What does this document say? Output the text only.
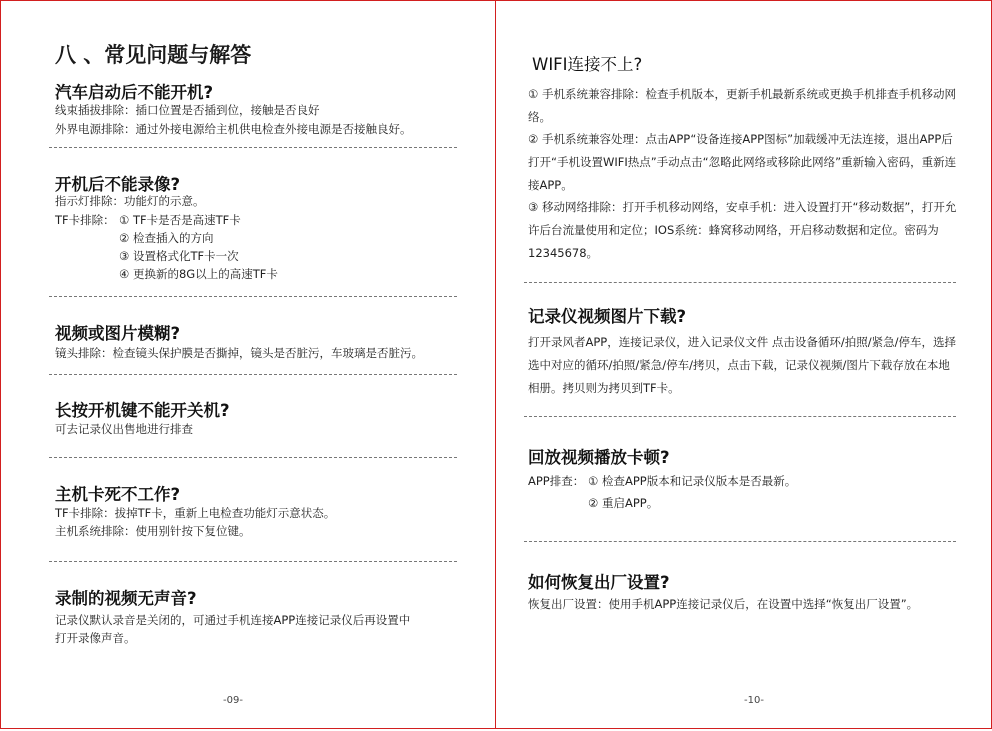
八 、常见问题与解答
汽车启动后不能开机?
线束插拔排除：插口位置是否插到位，接触是否良好
外界电源排除：通过外接电源给主机供电检查外接电源是否接触良好。
开机后不能录像?
指示灯排除：功能灯的示意。
TF卡排除： ① TF卡是否是高速TF卡
② 检查插入的方向
③ 设置格式化TF卡一次
④ 更换新的8G以上的高速TF卡
视频或图片模糊?
镜头排除：检查镜头保护膜是否撕掉，镜头是否脏污，车玻璃是否脏污。
长按开机键不能开关机?
可去记录仪出售地进行排查
主机卡死不工作?
TF卡排除：拔掉TF卡，重新上电检查功能灯示意状态。
主机系统排除：使用别针按下复位键。
录制的视频无声音?
记录仪默认录音是关闭的，可通过手机连接APP连接记录仪后再设置中
打开录像声音。
-09-
WIFI连接不上?
① 手机系统兼容排除：检查手机版本，更新手机最新系统或更换手机排查手机移动网络。
② 手机系统兼容处理：点击APP“设备连接APP图标”加载缓冲无法连接，退出APP后打开“手机设置WIFI热点”手动点击“忽略此网络或移除此网络”重新输入密码，重新连接APP。
③ 移动网络排除：打开手机移动网络，安卓手机：进入设置打开“移动数据”，打开允许后台流量使用和定位；IOS系统：蜂窝移动网络，开启移动数据和定位。密码为12345678。
记录仪视频图片下载?
打开录风者APP，连接记录仪，进入记录仪文件 点击设备循环/拍照/紧急/停车，选择选中对应的循环/拍照/紧急/停车/拷贝，点击下载，记录仪视频/图片下载存放在本地相册。拷贝则为拷贝到TF卡。
回放视频播放卡顿?
APP排查： ① 检查APP版本和记录仪版本是否最新。
② 重启APP。
如何恢复出厂设置?
恢复出厂设置：使用手机APP连接记录仪后，在设置中选择“恢复出厂设置”。
-10-
